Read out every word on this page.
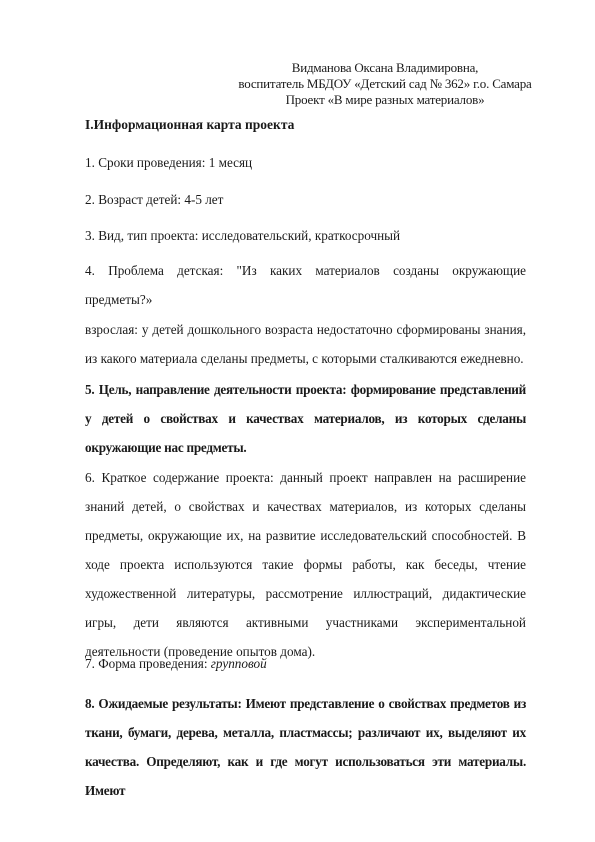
Видманова Оксана Владимировна,
воспитатель МБДОУ «Детский сад № 362» г.о. Самара
Проект «В мире разных материалов»
I.Информационная карта проекта
1. Сроки проведения: 1 месяц
2. Возраст детей: 4-5 лет
3. Вид, тип проекта: исследовательский, краткосрочный
4. Проблема детская: "Из каких материалов созданы окружающие предметы?»
взрослая: у детей дошкольного возраста недостаточно сформированы знания, из какого материала сделаны предметы, с которыми сталкиваются ежедневно.
5. Цель, направление деятельности проекта: формирование представлений у детей о свойствах и качествах материалов, из которых сделаны окружающие нас предметы.
6. Краткое содержание проекта: данный проект направлен на расширение знаний детей, о свойствах и качествах материалов, из которых сделаны предметы, окружающие их, на развитие исследовательский способностей. В ходе проекта используются такие формы работы, как беседы, чтение художественной литературы, рассмотрение иллюстраций, дидактические игры, дети являются активными участниками экспериментальной деятельности (проведение опытов дома).
7. Форма проведения: групповой
8. Ожидаемые результаты: Имеют представление о свойствах предметов из ткани, бумаги, дерева, металла, пластмассы; различают их, выделяют их качества. Определяют, как и где могут использоваться эти материалы. Имеют
